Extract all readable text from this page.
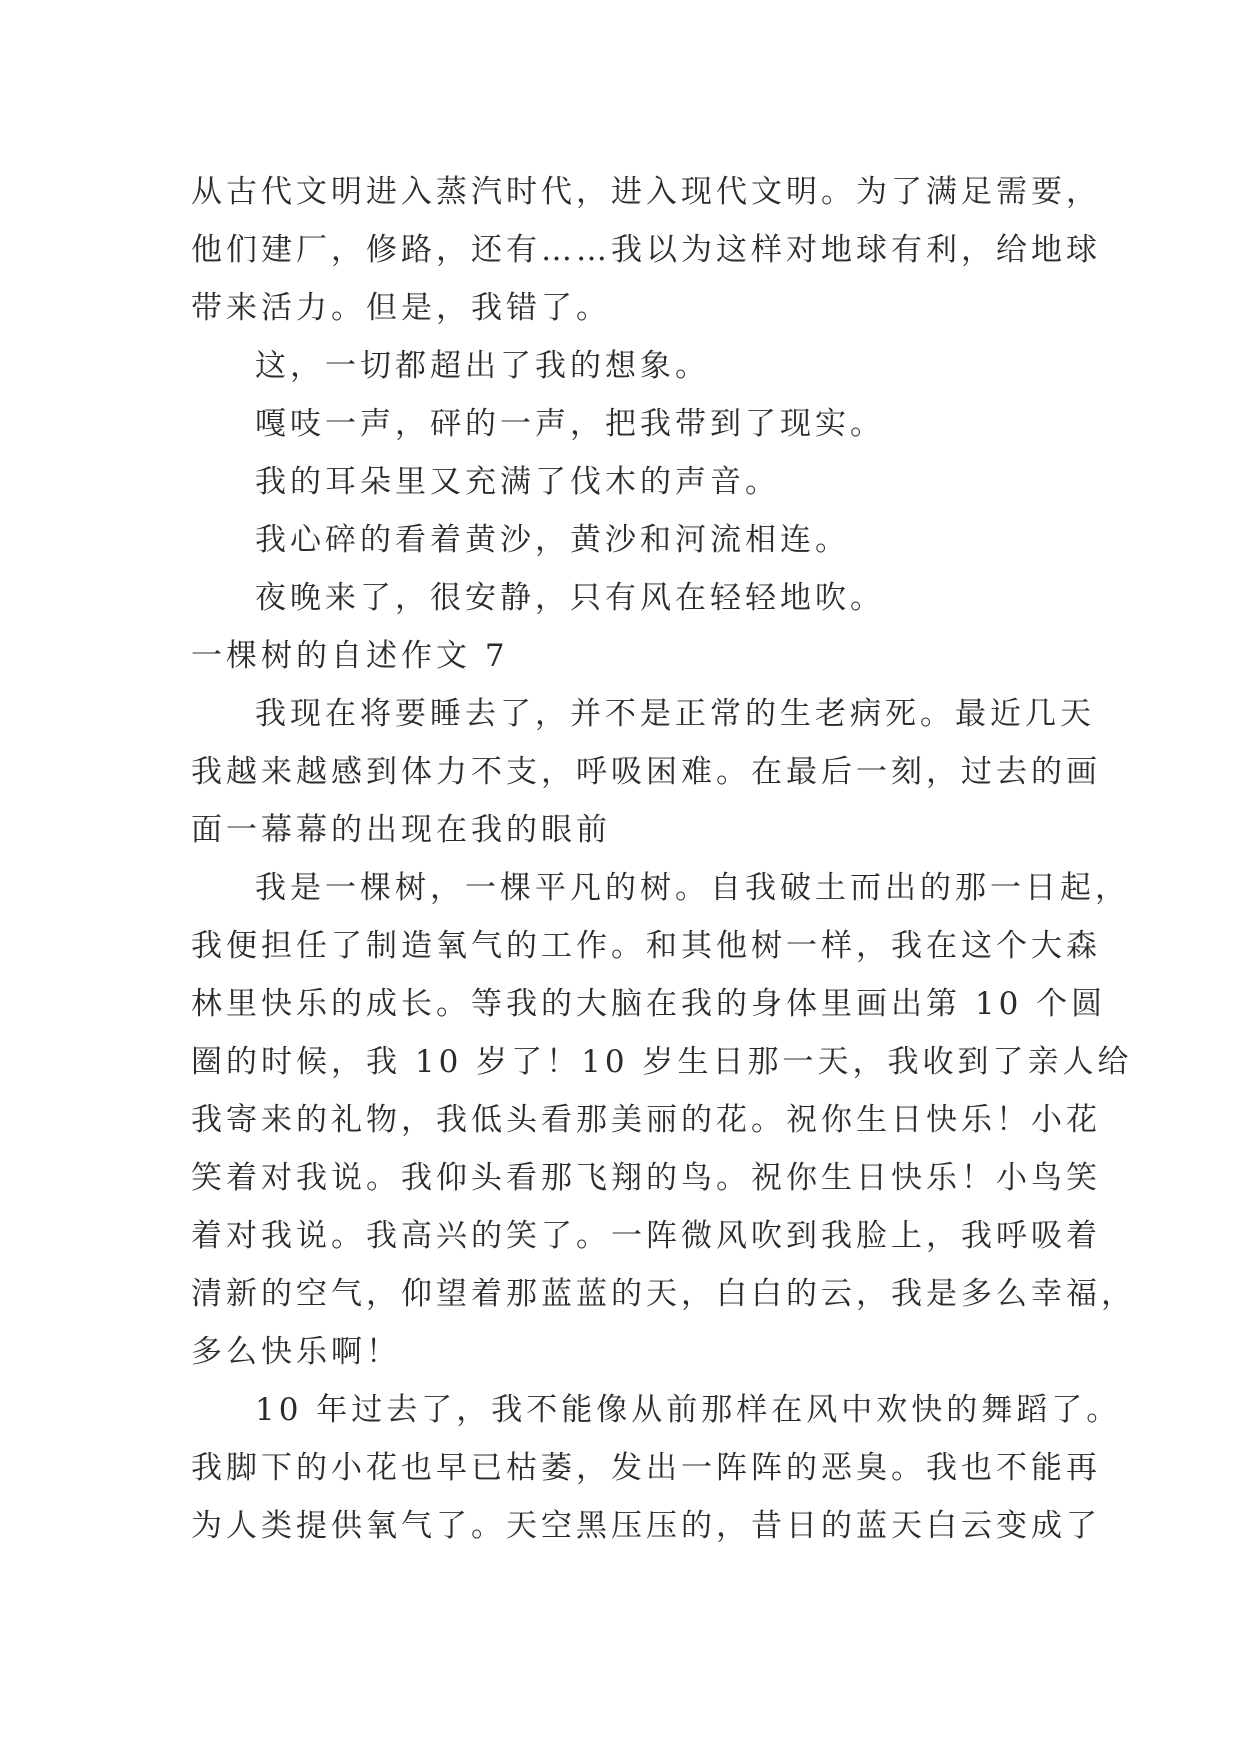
从古代文明进入蒸汽时代，进入现代文明。为了满足需要，
他们建厂，修路，还有……我以为这样对地球有利，给地球
带来活力。但是，我错了。
这，一切都超出了我的想象。
嘎吱一声，砰的一声，把我带到了现实。
我的耳朵里又充满了伐木的声音。
我心碎的看着黄沙，黄沙和河流相连。
夜晚来了，很安静，只有风在轻轻地吹。
一棵树的自述作文 7
我现在将要睡去了，并不是正常的生老病死。最近几天
我越来越感到体力不支，呼吸困难。在最后一刻，过去的画
面一幕幕的出现在我的眼前
我是一棵树，一棵平凡的树。自我破土而出的那一日起，
我便担任了制造氧气的工作。和其他树一样，我在这个大森
林里快乐的成长。等我的大脑在我的身体里画出第 10 个圆
圈的时候，我 10 岁了！10 岁生日那一天，我收到了亲人给
我寄来的礼物，我低头看那美丽的花。祝你生日快乐！小花
笑着对我说。我仰头看那飞翔的鸟。祝你生日快乐！小鸟笑
着对我说。我高兴的笑了。一阵微风吹到我脸上，我呼吸着
清新的空气，仰望着那蓝蓝的天，白白的云，我是多么幸福，
多么快乐啊！
10 年过去了，我不能像从前那样在风中欢快的舞蹈了。
我脚下的小花也早已枯萎，发出一阵阵的恶臭。我也不能再
为人类提供氧气了。天空黑压压的，昔日的蓝天白云变成了
